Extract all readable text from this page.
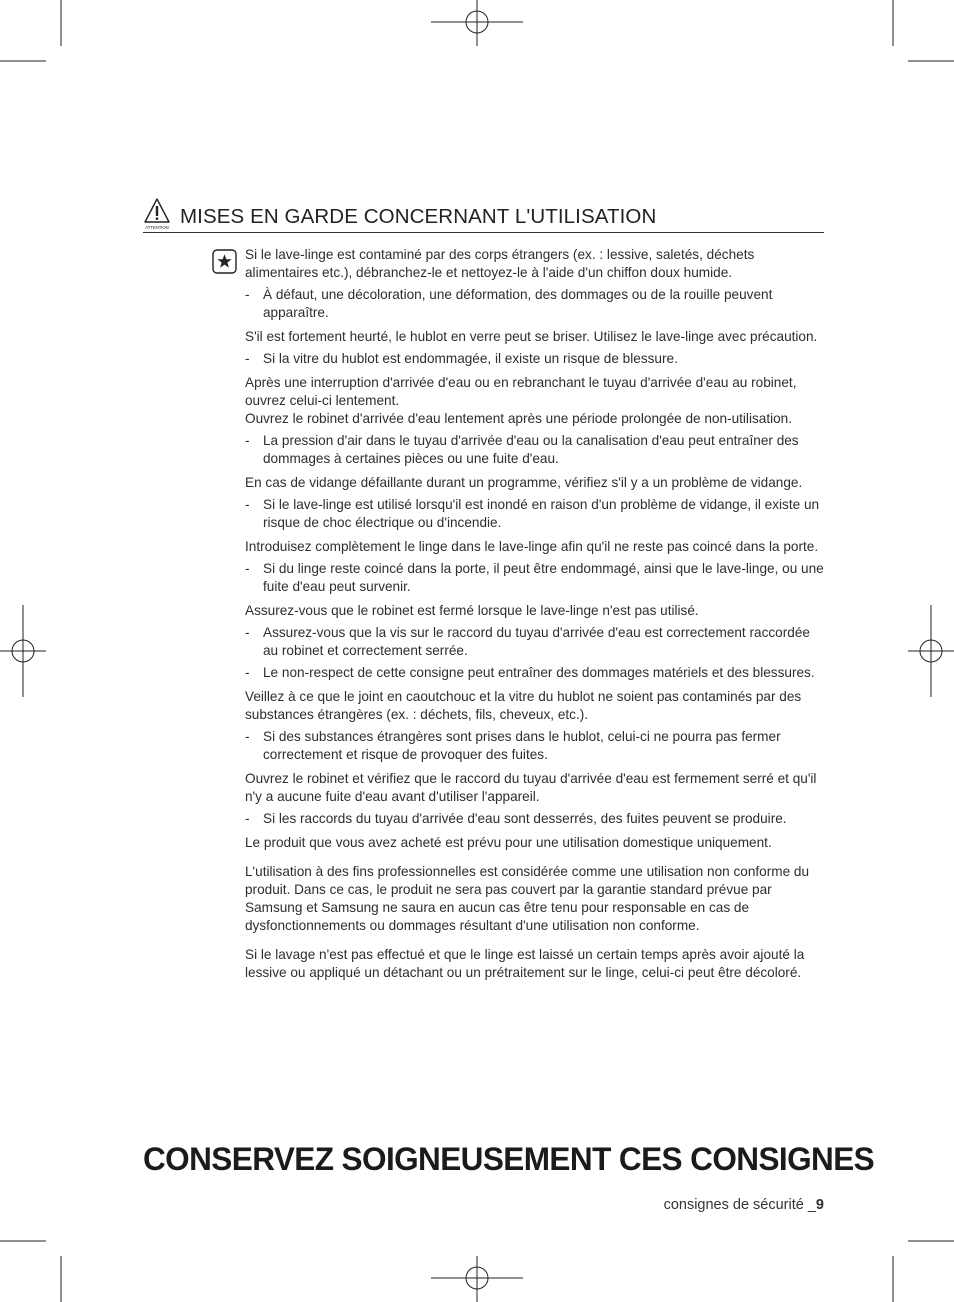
ATTENTION MISES EN GARDE CONCERNANT L'UTILISATION
Si le lave-linge est contaminé par des corps étrangers (ex. : lessive, saletés, déchets alimentaires etc.), débranchez-le et nettoyez-le à l'aide d'un chiffon doux humide.
- À défaut, une décoloration, une déformation, des dommages ou de la rouille peuvent apparaître.
S'il est fortement heurté, le hublot en verre peut se briser. Utilisez le lave-linge avec précaution.
- Si la vitre du hublot est endommagée, il existe un risque de blessure.
Après une interruption d'arrivée d'eau ou en rebranchant le tuyau d'arrivée d'eau au robinet, ouvrez celui-ci lentement.
Ouvrez le robinet d'arrivée d'eau lentement après une période prolongée de non-utilisation.
- La pression d'air dans le tuyau d'arrivée d'eau ou la canalisation d'eau peut entraîner des dommages à certaines pièces ou une fuite d'eau.
En cas de vidange défaillante durant un programme, vérifiez s'il y a un problème de vidange.
- Si le lave-linge est utilisé lorsqu'il est inondé en raison d'un problème de vidange, il existe un risque de choc électrique ou d'incendie.
Introduisez complètement le linge dans le lave-linge afin qu'il ne reste pas coincé dans la porte.
- Si du linge reste coincé dans la porte, il peut être endommagé, ainsi que le lave-linge, ou une fuite d'eau peut survenir.
Assurez-vous que le robinet est fermé lorsque le lave-linge n'est pas utilisé.
- Assurez-vous que la vis sur le raccord du tuyau d'arrivée d'eau est correctement raccordée au robinet et correctement serrée.
- Le non-respect de cette consigne peut entraîner des dommages matériels et des blessures.
Veillez à ce que le joint en caoutchouc et la vitre du hublot ne soient pas contaminés par des substances étrangères (ex. : déchets, fils, cheveux, etc.).
- Si des substances étrangères sont prises dans le hublot, celui-ci ne pourra pas fermer correctement et risque de provoquer des fuites.
Ouvrez le robinet et vérifiez que le raccord du tuyau d'arrivée d'eau est fermement serré et qu'il n'y a aucune fuite d'eau avant d'utiliser l'appareil.
- Si les raccords du tuyau d'arrivée d'eau sont desserrés, des fuites peuvent se produire.
Le produit que vous avez acheté est prévu pour une utilisation domestique uniquement.
L'utilisation à des fins professionnelles est considérée comme une utilisation non conforme du produit. Dans ce cas, le produit ne sera pas couvert par la garantie standard prévue par Samsung et Samsung ne saura en aucun cas être tenu pour responsable en cas de dysfonctionnements ou dommages résultant d'une utilisation non conforme.
Si le lavage n'est pas effectué et que le linge est laissé un certain temps après avoir ajouté la lessive ou appliqué un détachant ou un prétraitement sur le linge, celui-ci peut être décoloré.
CONSERVEZ SOIGNEUSEMENT CES CONSIGNES
consignes de sécurité _9
